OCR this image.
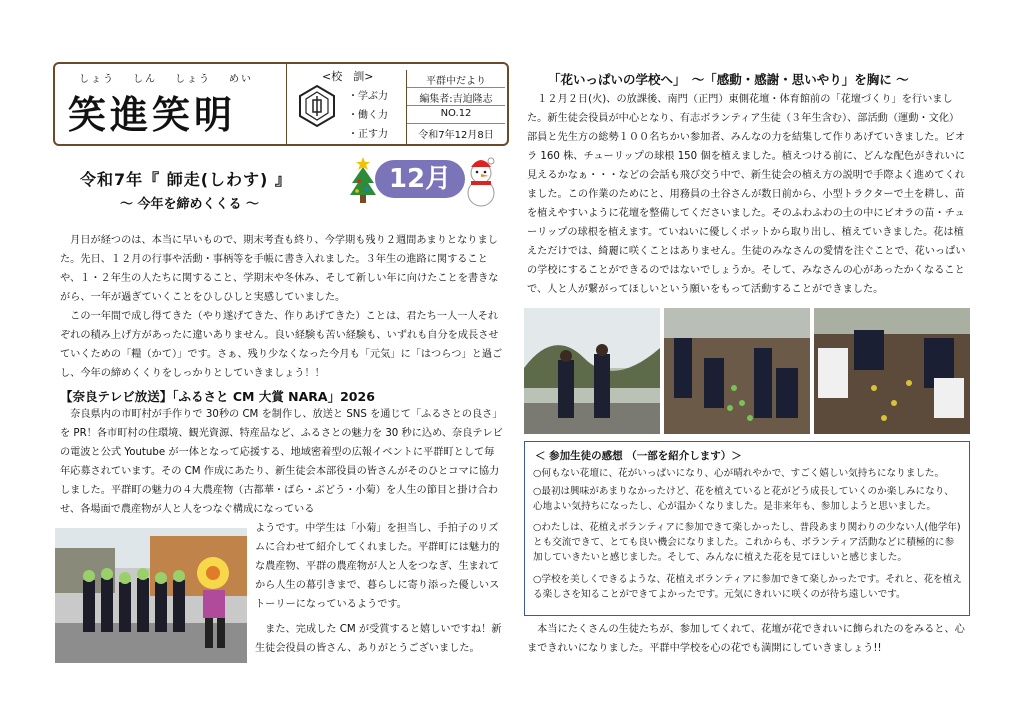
しょう しん しょう めい
笑進笑明
<校　訓>
・学ぶ力
・働く力
・正す力
平群中だより
編集者:吉迫隆志
NO.12
令和7年12月8日
令和7年『 師走(しわす) 』
～ 今年を締めくくる ～
12月
　月日が経つのは、本当に早いもので、期末考査も終り、今学期も残り２週間あまりとなりました。先日、１２月の行事や活動・事柄等を手帳に書き入れました。３年生の進路に関することや、１・２年生の人たちに関すること、学期末や冬休み、そして新しい年に向けたことを書きながら、一年が過ぎていくことをひしひしと実感していました。
　この一年間で成し得てきた（やり遂げてきた、作りあげてきた）ことは、君たち一人一人それぞれの積み上げ方があったに違いありません。良い経験も苦い経験も、いずれも自分を成長させていくための「糧（かて）」です。さぁ、残り少なくなった今月も「元気」に「はつらつ」と過ごし、今年の締めくくりをしっかりとしていきましょう！！
【奈良テレビ放送】「ふるさと CM 大賞 NARA」2026
　奈良県内の市町村が手作りで 30秒の CM を制作し、放送と SNS を通じて「ふるさとの良さ」を PR！各市町村の住環境、観光資源、特産品など、ふるさとの魅力を 30 秒に込め、奈良テレビの電波と公式 Youtube が一体となって応援する、地域密着型の広報イベントに平群町として毎年応募されています。その CM 作成にあたり、新生徒会本部役員の皆さんがそのひとコマに協力しました。平群町の魅力の４大農産物（古都華・ばら・ぶどう・小菊）を人生の節目と掛け合わせ、各場面で農産物が人と人をつなぐ構成になっている
ようです。中学生は「小菊」を担当し、手拍子のリズムに合わせて紹介してくれました。平群町には魅力的な農産物、平群の農産物が人と人をつなぎ、生まれてから人生の幕引きまで、暮らしに寄り添った優しいストーリーになっているようです。
　また、完成した CM が受賞すると嬉しいですね！新生徒会役員の皆さん、ありがとうございました。
「花いっぱいの学校へ」　～「感動・感謝・思いやり」を胸に ～
　１２月２日(火)、の放課後、南門（正門）東側花壇・体育館前の「花壇づくり」を行いました。新生徒会役員が中心となり、有志ボランティア生徒（３年生含む）、部活動（運動・文化）部員と先生方の総勢１００名ちかい参加者、みんなの力を結集して作りあげていきました。ビオラ 160 株、チューリップの球根 150 個を植えました。植えつける前に、どんな配色がきれいに見えるかなぁ・・・などの会話も飛び交う中で、新生徒会の植え方の説明で手際よく進めてくれました。この作業のためにと、用務員の土谷さんが数日前から、小型トラクターで土を耕し、苗を植えやすいように花壇を整備してくださいました。そのふわふわの土の中にビオラの苗・チューリップの球根を植えます。ていねいに優しくポットから取り出し、植えていきました。花は植えただけでは、綺麗に咲くことはありません。生徒のみなさんの愛情を注ぐことで、花いっぱいの学校にすることができるのではないでしょうか。そして、みなさんの心があったかくなることで、人と人が繋がってほしいという願いをもって活動することができました。
＜ 参加生徒の感想 （一部を紹介します）＞
○何もない花壇に、花がいっぱいになり、心が晴れやかで、すごく嬉しい気持ちになりました。
○最初は興味があまりなかったけど、花を植えていると花がどう成長していくのか楽しみになり、心地よい気持ちになったし、心が温かくなりました。是非来年も、参加しようと思いました。
○わたしは、花植えボランティアに参加できて楽しかったし、普段あまり関わりの少ない人(他学年)とも交流できて、とても良い機会になりました。これからも、ボランティア活動などに積極的に参加していきたいと感じました。そして、みんなに植えた花を見てほしいと感じました。
○学校を美しくできるような、花植えボランティアに参加できて楽しかったです。それと、花を植える楽しさを知ることができてよかったです。元気にきれいに咲くのが待ち遠しいです。
　本当にたくさんの生徒たちが、参加してくれて、花壇が花できれいに飾られたのをみると、心まできれいになりました。平群中学校を心の花でも満開にしていきましょう!!
